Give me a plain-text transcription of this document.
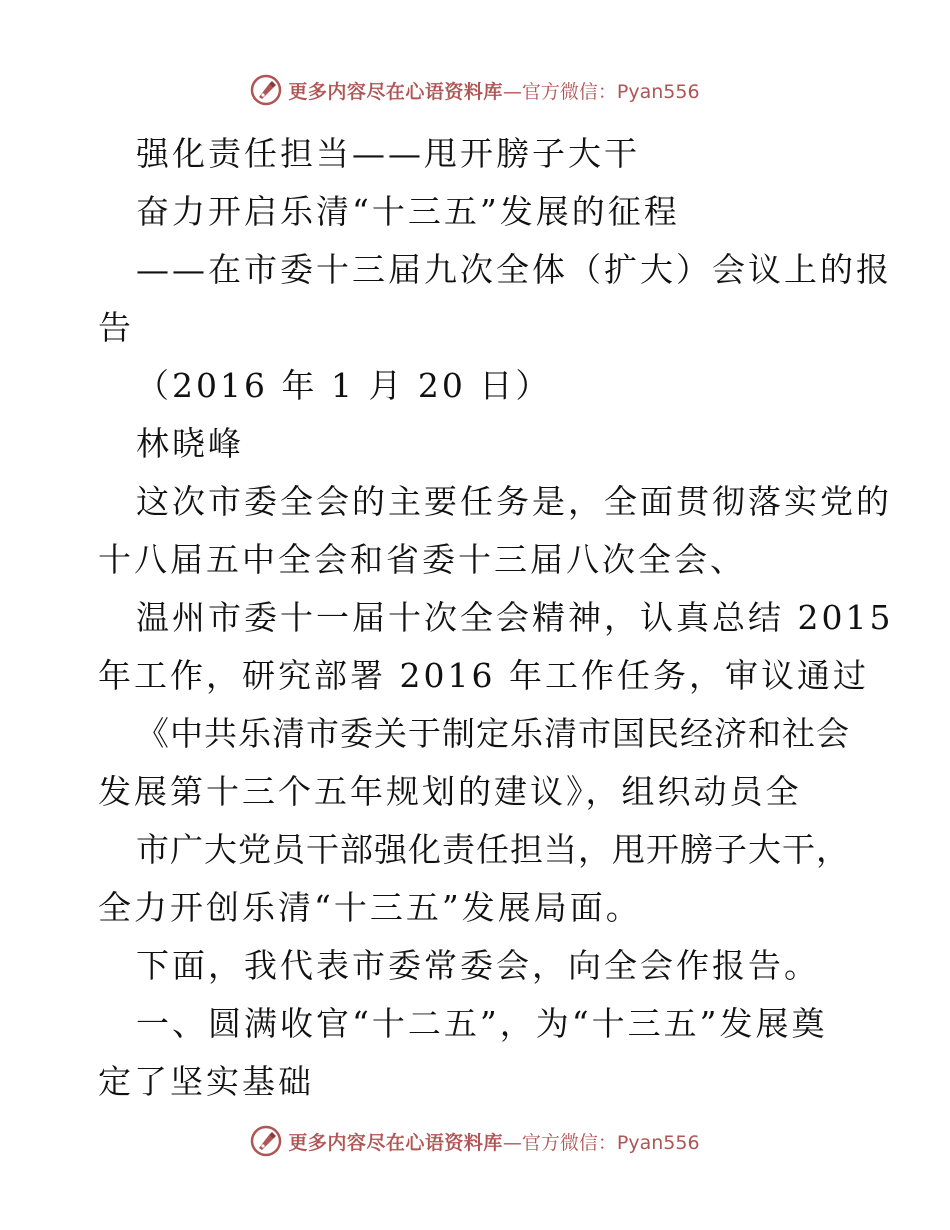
更多内容尽在心语资料库 —官方微信：Pyan556
强化责任担当——甩开膀子大干
奋力开启乐清“十三五”发展的征程
——在市委十三届九次全体（扩大）会议上的报
告
（2016 年 1 月 20 日）
林晓峰
这次市委全会的主要任务是，全面贯彻落实党的
十八届五中全会和省委十三届八次全会、
温州市委十一届十次全会精神，认真总结 2015
年工作，研究部署 2016 年工作任务，审议通过
《中共乐清市委关于制定乐清市国民经济和社会
发展第十三个五年规划的建议》，组织动员全
市广大党员干部强化责任担当，甩开膀子大干，
全力开创乐清“十三五”发展局面。
下面，我代表市委常委会，向全会作报告。
一、圆满收官“十二五”，为“十三五”发展奠
定了坚实基础
更多内容尽在心语资料库 —官方微信：Pyan556
